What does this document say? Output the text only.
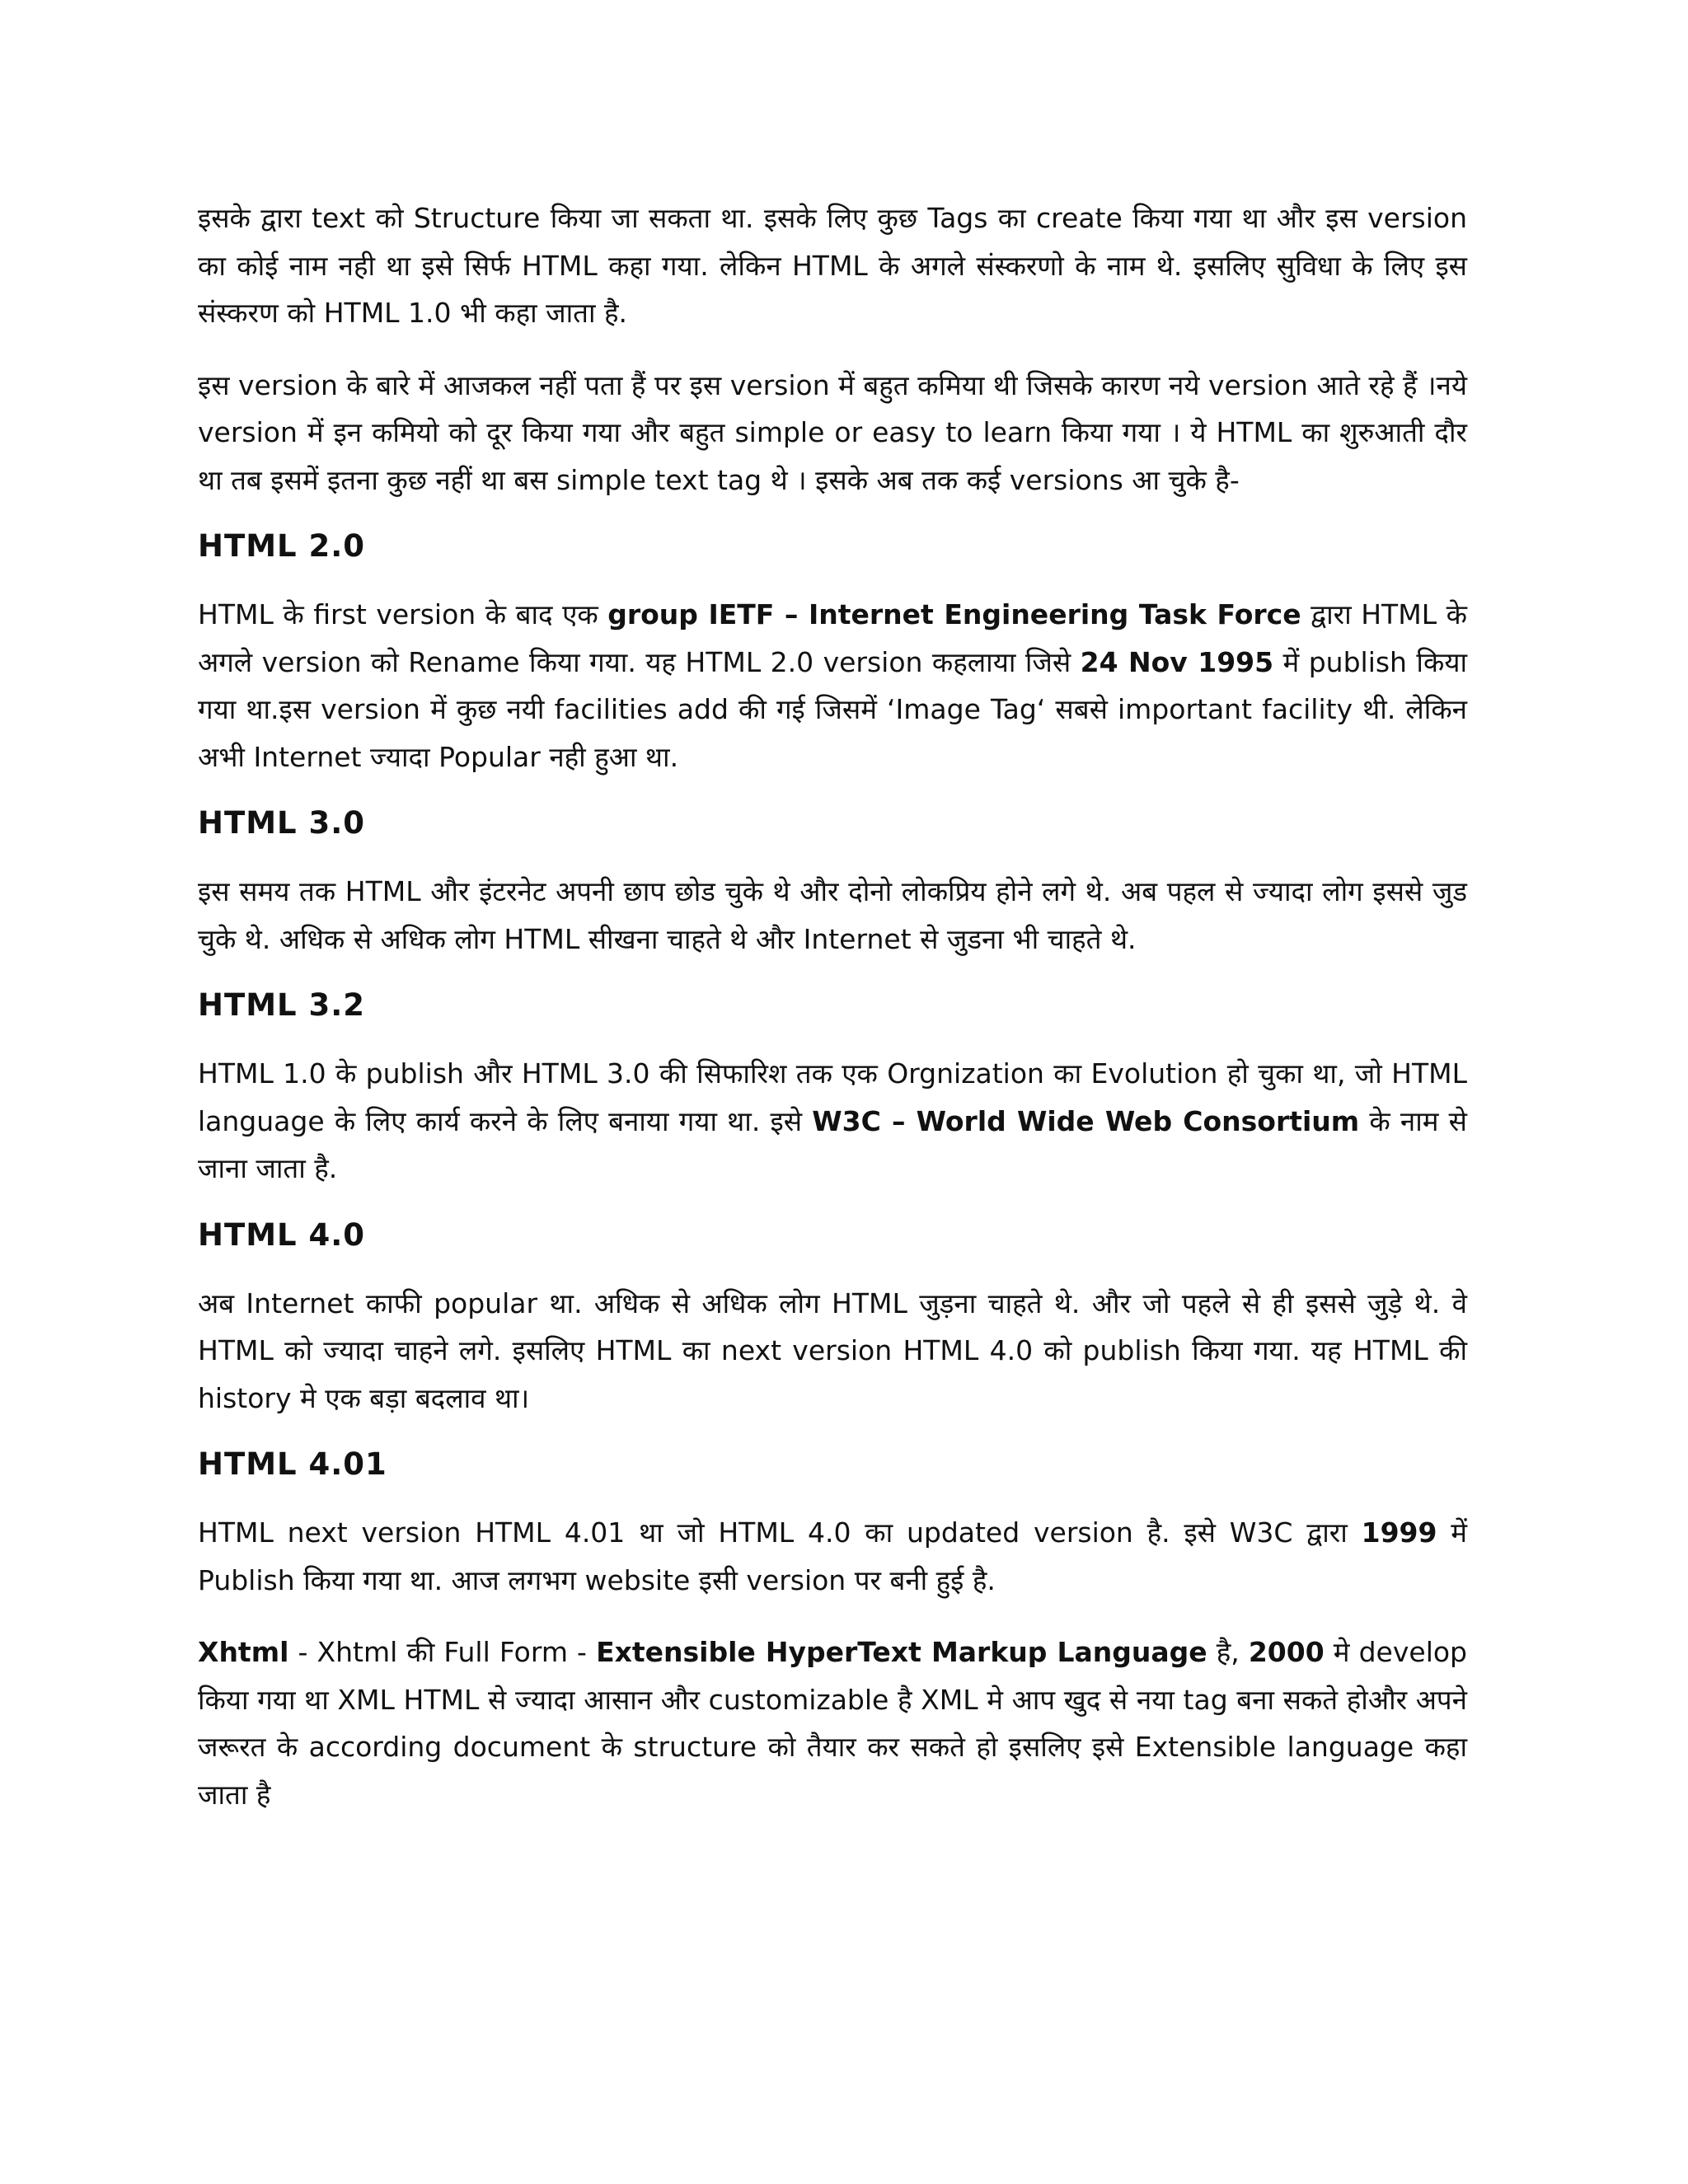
इसके द्वारा text को Structure किया जा सकता था. इसके लिए कुछ Tags का create किया गया था और इस version का कोई नाम नही था इसे सिर्फ HTML कहा गया. लेकिन HTML के अगले संस्करणो के नाम थे. इसलिए सुविधा के लिए इस संस्करण को HTML 1.0 भी कहा जाता है.

इस version के बारे में आजकल नहीं पता हैं पर इस version में बहुत कमिया थी जिसके कारण नये version आते रहे हैं ।नये version में इन कमियो को दूर किया गया और बहुत simple or easy to learn किया गया । ये HTML का शुरुआती दौर था तब इसमें इतना कुछ नहीं था बस simple text tag थे । इसके अब तक कई versions आ चुके है-

HTML 2.0

HTML के first version के बाद एक group IETF – Internet Engineering Task Force द्वारा HTML के अगले version को Rename किया गया. यह HTML 2.0 version कहलाया जिसे 24 Nov 1995 में publish किया गया था.इस version में कुछ नयी facilities add की गई जिसमें ‘Image Tag‘ सबसे important facility थी. लेकिन अभी Internet ज्यादा Popular नही हुआ था.

HTML 3.0

इस समय तक HTML और इंटरनेट अपनी छाप छोड चुके थे और दोनो लोकप्रिय होने लगे थे. अब पहल से ज्यादा लोग इससे जुड चुके थे. अधिक से अधिक लोग HTML सीखना चाहते थे और Internet से जुडना भी चाहते थे.

HTML 3.2

HTML 1.0 के publish और HTML 3.0 की सिफारिश तक एक Orgnization का Evolution हो चुका था, जो HTML language के लिए कार्य करने के लिए बनाया गया था. इसे W3C – World Wide Web Consortium के नाम से जाना जाता है.

HTML 4.0

अब Internet काफी popular था. अधिक से अधिक लोग HTML जुड़ना चाहते थे. और जो पहले से ही इससे जुड़े थे. वे HTML को ज्यादा चाहने लगे. इसलिए HTML का next version HTML 4.0 को publish किया गया. यह HTML की history मे एक बड़ा बदलाव था।

HTML 4.01

HTML next version HTML 4.01 था जो HTML 4.0 का updated version है. इसे W3C द्वारा 1999 में Publish किया गया था. आज लगभग website इसी version पर बनी हुई है.

Xhtml - Xhtml की Full Form - Extensible HyperText Markup Language है, 2000 मे develop किया गया था XML HTML से ज्यादा आसान और customizable है XML मे आप खुद से नया tag बना सकते होऔर अपने जरूरत के according document के structure को तैयार कर सकते हो इसलिए इसे Extensible language कहा जाता है
